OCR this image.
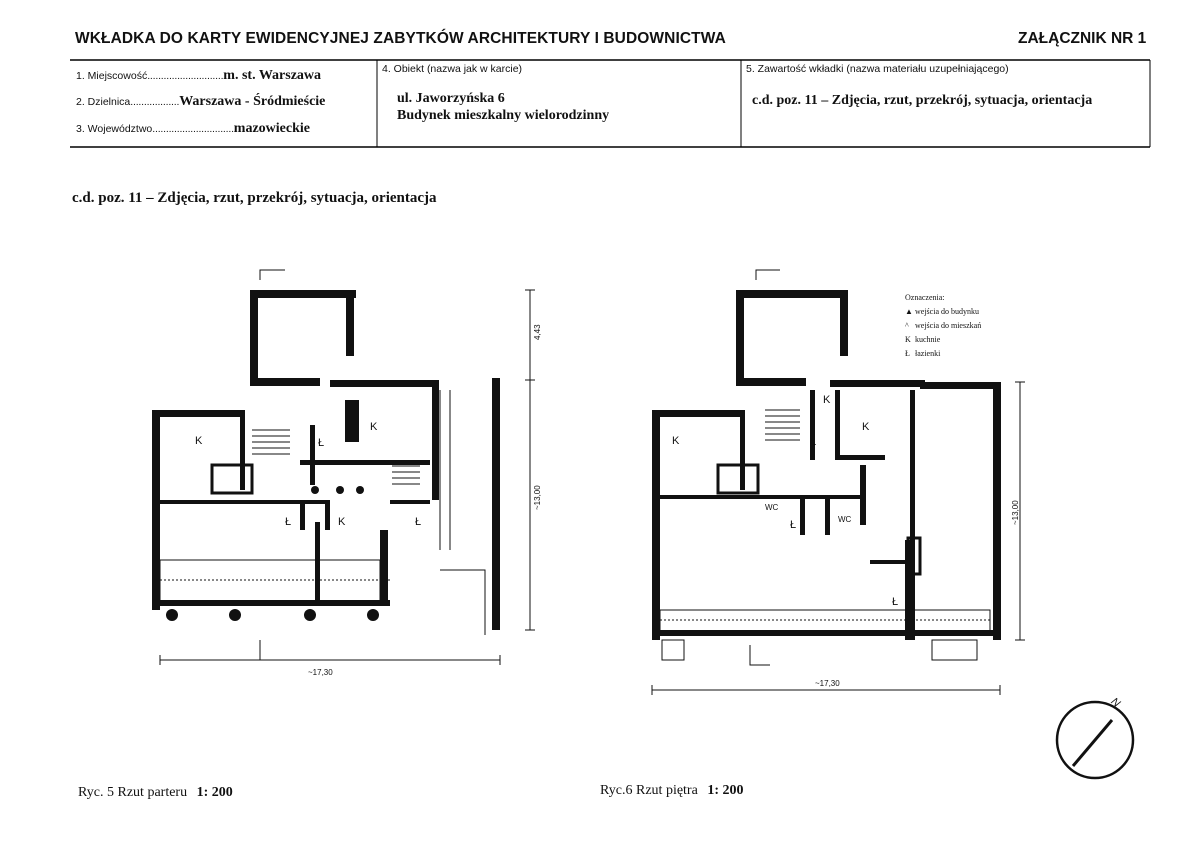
WKŁADKA DO KARTY EWIDENCYJNEJ ZABYTKÓW ARCHITEKTURY I BUDOWNICTWA	ZAŁĄCZNIK NR 1
1. Miejscowość............................m. st. Warszawa
2. Dzielnica..................Warszawa - Śródmieście
3. Województwo..............................mazowieckie
4. Obiekt (nazwa jak w karcie)
ul. Jaworzyńska 6
Budynek mieszkalny wielorodzinny
5. Zawartość wkładki (nazwa materiału uzupełniającego)
c.d. poz. 11 – Zdjęcia, rzut, przekrój, sytuacja, orientacja
c.d. poz. 11 – Zdjęcia, rzut, przekrój, sytuacja, orientacja
K
K
K
Ł
Ł	Ł
~17,30
~13,00
4,43
K
K
K
Ł
Ł
Ł
WC
WC
~17,30
~13,00
Oznaczenia:
▲ wejścia do budynku
^ wejścia do mieszkań
K kuchnie
Ł łazienki
N
Ryc. 5 Rzut parteru 1: 200	Ryc.6 Rzut piętra 1: 200
